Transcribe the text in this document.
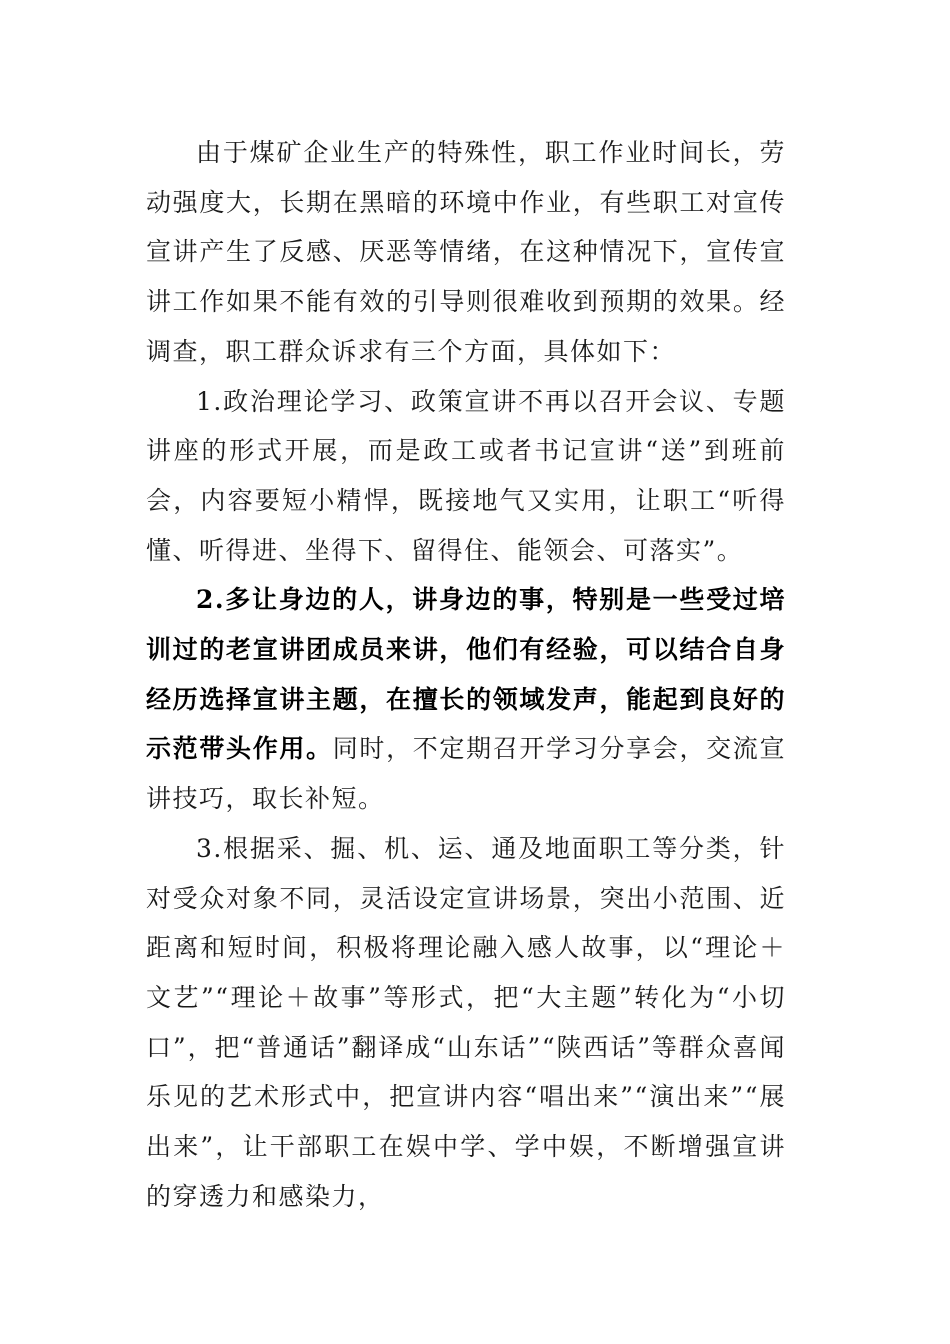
由于煤矿企业生产的特殊性，职工作业时间长，劳动强度大，长期在黑暗的环境中作业，有些职工对宣传宣讲产生了反感、厌恶等情绪，在这种情况下，宣传宣讲工作如果不能有效的引导则很难收到预期的效果。经调查，职工群众诉求有三个方面，具体如下：

1.政治理论学习、政策宣讲不再以召开会议、专题讲座的形式开展，而是政工或者书记宣讲“送”到班前会，内容要短小精悍，既接地气又实用，让职工“听得懂、听得进、坐得下、留得住、能领会、可落实”。

2.多让身边的人，讲身边的事，特别是一些受过培训过的老宣讲团成员来讲，他们有经验，可以结合自身经历选择宣讲主题，在擅长的领域发声，能起到良好的示范带头作用。同时，不定期召开学习分享会，交流宣讲技巧，取长补短。

3.根据采、掘、机、运、通及地面职工等分类，针对受众对象不同，灵活设定宣讲场景，突出小范围、近距离和短时间，积极将理论融入感人故事，以“理论＋文艺”“理论＋故事”等形式，把“大主题”转化为“小切口”，把“普通话”翻译成“山东话”“陕西话”等群众喜闻乐见的艺术形式中，把宣讲内容“唱出来”“演出来”“展出来”，让干部职工在娱中学、学中娱，不断增强宣讲的穿透力和感染力，
